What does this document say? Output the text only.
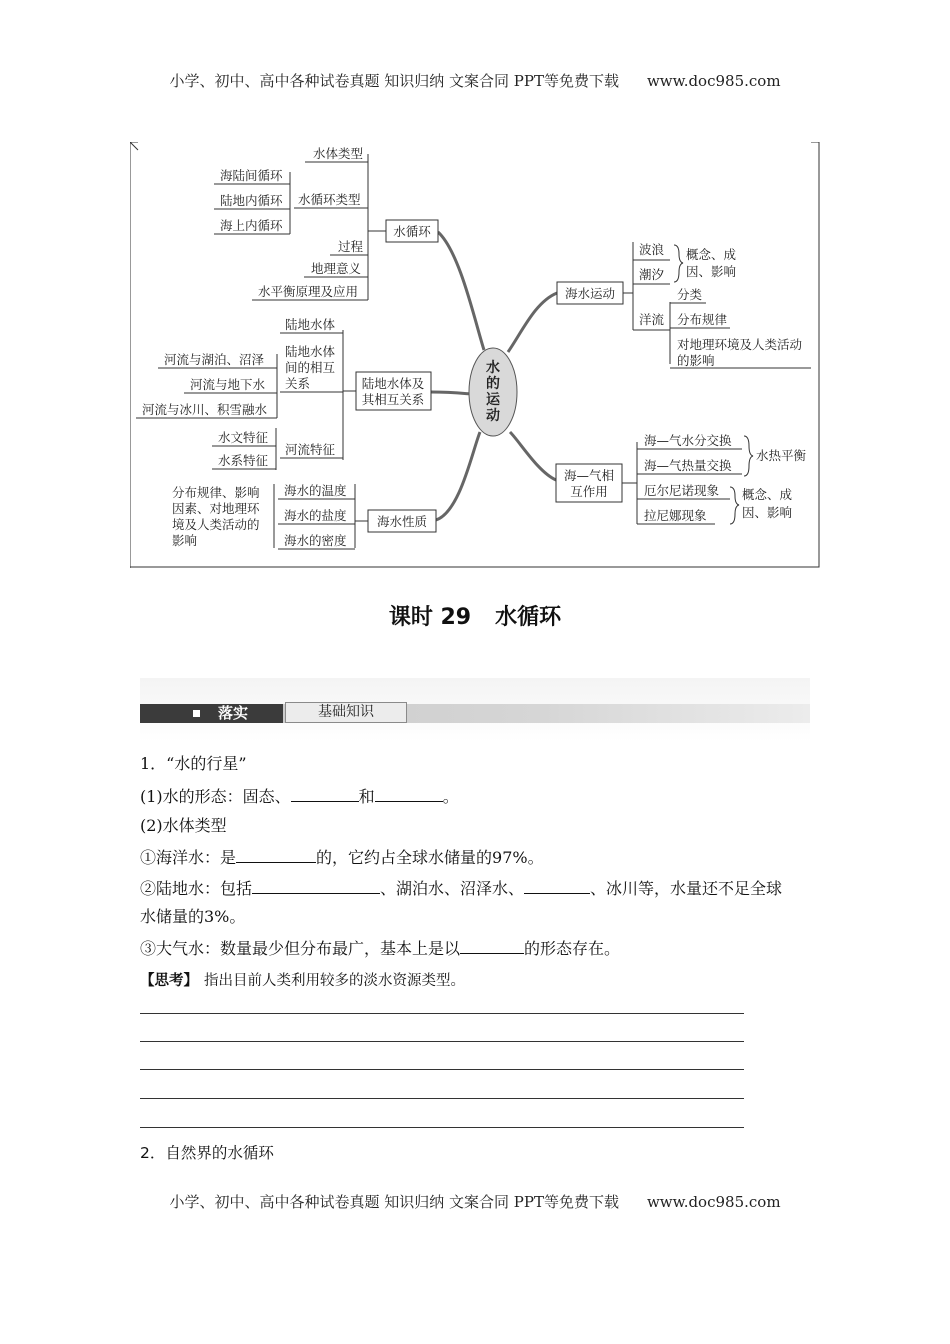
小学、初中、高中各种试卷真题 知识归纳 文案合同 PPT等免费下载 www.doc985.com
水
的
运
动
水循环
水体类型
水循环类型
海陆间循环
陆地内循环
海上内循环
过程
地理意义
水平衡原理及应用
陆地水体及
其相互关系
陆地水体
陆地水体
间的相互
关系
河流与湖泊、沼泽
河流与地下水
河流与冰川、积雪融水
河流特征
水文特征
水系特征
海水性质
海水的温度
海水的盐度
海水的密度
分布规律、影响
因素、对地理环
境及人类活动的
影响
海水运动
波浪
潮汐
概念、成
因、影响
洋流
分类
分布规律
对地理环境及人类活动
的影响
海—气相
互作用
海—气水分交换
海—气热量交换
水热平衡
厄尔尼诺现象
拉尼娜现象
概念、成
因、影响
课时 29 水循环
落实	基础知识
1．“水的行星”
(1)水的形态：固态、	和	。
(2)水体类型
①海洋水：是	的，它约占全球水储量的97%。
②陆地水：包括	、湖泊水、沼泽水、	、冰川等，水量还不足全球
水储量的3%。
③大气水：数量最少但分布最广，基本上是以	的形态存在。
【思考】 指出目前人类利用较多的淡水资源类型。
2．自然界的水循环
小学、初中、高中各种试卷真题 知识归纳 文案合同 PPT等免费下载 www.doc985.com
